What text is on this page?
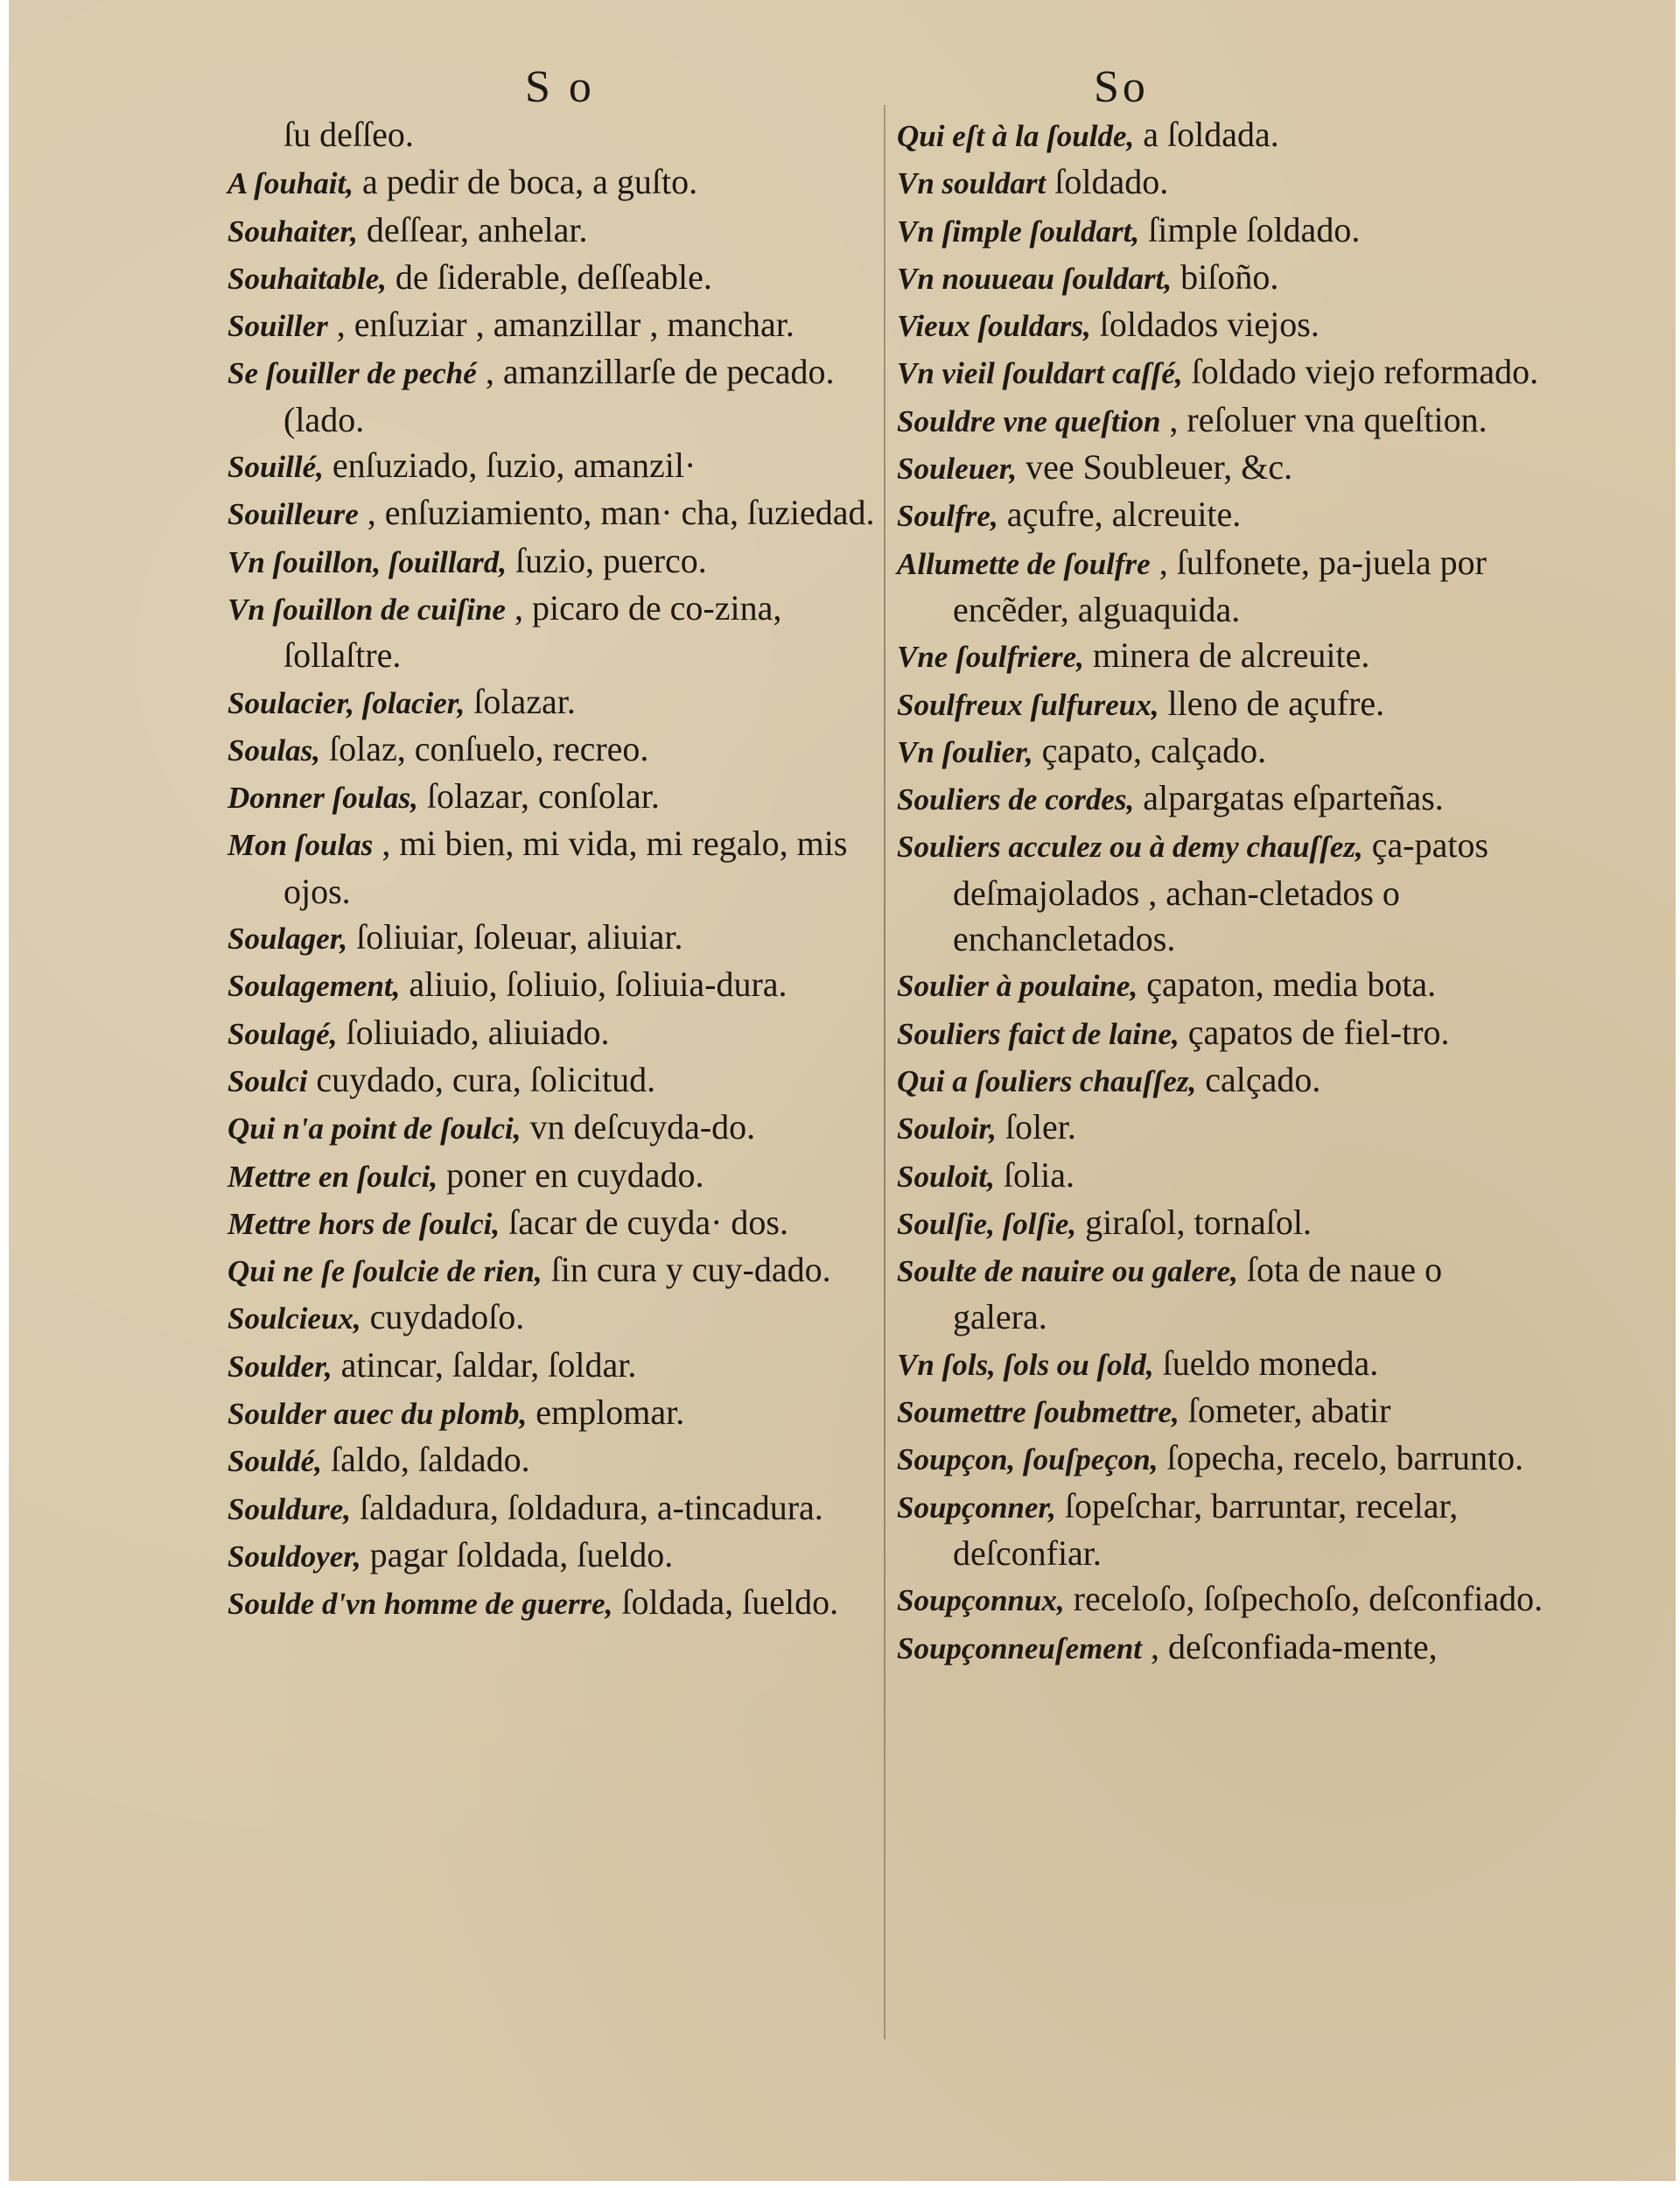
S o	So
ſu deſſeo.
A ſouhait, a pedir de boca, a guſto.
Souhaiter, deſſear, anhelar.
Souhaitable, de ſiderable, deſſeable.
Souiller , enſuziar , amanzillar , manchar.
Se ſouiller de peché , amanzillarſe de pecado. (lado.
Souillé, enſuziado, ſuzio, amanzil·
Souilleure , enſuziamiento, man· cha, ſuziedad.
Vn ſouillon, ſouillard, ſuzio, puerco.
Vn ſouillon de cuiſine , picaro de co-zina, ſollaſtre.
Soulacier, ſolacier, ſolazar.
Soulas, ſolaz, conſuelo, recreo.
Donner ſoulas, ſolazar, conſolar.
Mon ſoulas , mi bien, mi vida, mi regalo, mis ojos.
Soulager, ſoliuiar, ſoleuar, aliuiar.
Soulagement, aliuio, ſoliuio, ſoliuia-dura.
Soulagé, ſoliuiado, aliuiado.
Soulci cuydado, cura, ſolicitud.
Qui n'a point de ſoulci, vn deſcuyda-do.
Mettre en ſoulci, poner en cuydado.
Mettre hors de ſoulci, ſacar de cuyda· dos.
Qui ne ſe ſoulcie de rien, ſin cura y cuy-dado.
Soulcieux, cuydadoſo.
Soulder, atincar, ſaldar, ſoldar.
Soulder auec du plomb, emplomar.
Souldé, ſaldo, ſaldado.
Souldure, ſaldadura, ſoldadura, a-tincadura.
Souldoyer, pagar ſoldada, ſueldo.
Soulde d'vn homme de guerre, ſoldada, ſueldo.
Qui eſt à la ſoulde, a ſoldada.
Vn souldart ſoldado.
Vn ſimple ſouldart, ſimple ſoldado.
Vn nouueau ſouldart, biſoño.
Vieux ſouldars, ſoldados viejos.
Vn vieil ſouldart caſſé, ſoldado viejo reformado.
Souldre vne queſtion , reſoluer vna queſtion.
Souleuer, vee Soubleuer, &c.
Soulfre, açufre, alcreuite.
Allumette de ſoulfre , ſulfonete, pa-juela por encẽder, alguaquida.
Vne ſoulfriere, minera de alcreuite.
Soulfreux ſulfureux, lleno de açufre.
Vn ſoulier, çapato, calçado.
Souliers de cordes, alpargatas eſparteñas.
Souliers acculez ou à demy chauſſez, ça-patos deſmajolados , achan-cletados o enchancletados.
Soulier à poulaine, çapaton, media bota.
Souliers faict de laine, çapatos de fiel-tro.
Qui a ſouliers chauſſez, calçado.
Souloir, ſoler.
Souloit, ſolia.
Soulſie, ſolſie, giraſol, tornaſol.
Soulte de nauire ou galere, ſota de naue o galera.
Vn ſols, ſols ou ſold, ſueldo moneda.
Soumettre ſoubmettre, ſometer, abatir
Soupçon, ſouſpeçon, ſopecha, recelo, barrunto.
Soupçonner, ſopeſchar, barruntar, recelar, deſconfiar.
Soupçonnux, receloſo, ſoſpechoſo, deſconfiado.
Soupçonneuſement , deſconfiada-mente,
